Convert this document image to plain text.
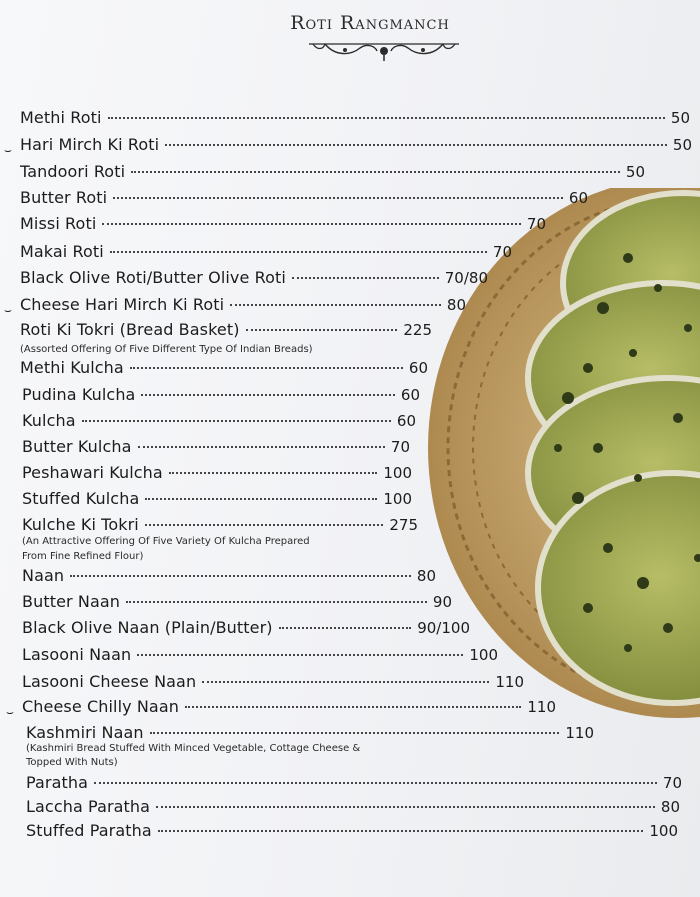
Roti Rangmanch
Methi Roti	50
Hari Mirch Ki Roti	50
⌣
Tandoori Roti	50
Butter Roti	60
Missi Roti	70
Makai Roti	70
Black Olive Roti/Butter Olive Roti	70/80
Cheese Hari Mirch Ki Roti	80
⌣
Roti Ki Tokri (Bread Basket)	225
(Assorted Offering Of Five Different Type Of Indian Breads)
Methi Kulcha	60
Pudina Kulcha	60
Kulcha	60
Butter Kulcha	70
Peshawari Kulcha	100
Stuffed Kulcha	100
Kulche Ki Tokri	275
(An Attractive Offering Of Five Variety Of Kulcha Prepared
From Fine Refined Flour)
Naan	80
Butter Naan	90
Black Olive Naan (Plain/Butter)	90/100
Lasooni Naan	100
Lasooni Cheese Naan	110
Cheese Chilly Naan	110
⌣
Kashmiri Naan	110
(Kashmiri Bread Stuffed With Minced Vegetable, Cottage Cheese &
Topped With Nuts)
Paratha	70
Laccha Paratha	80
Stuffed Paratha	100
